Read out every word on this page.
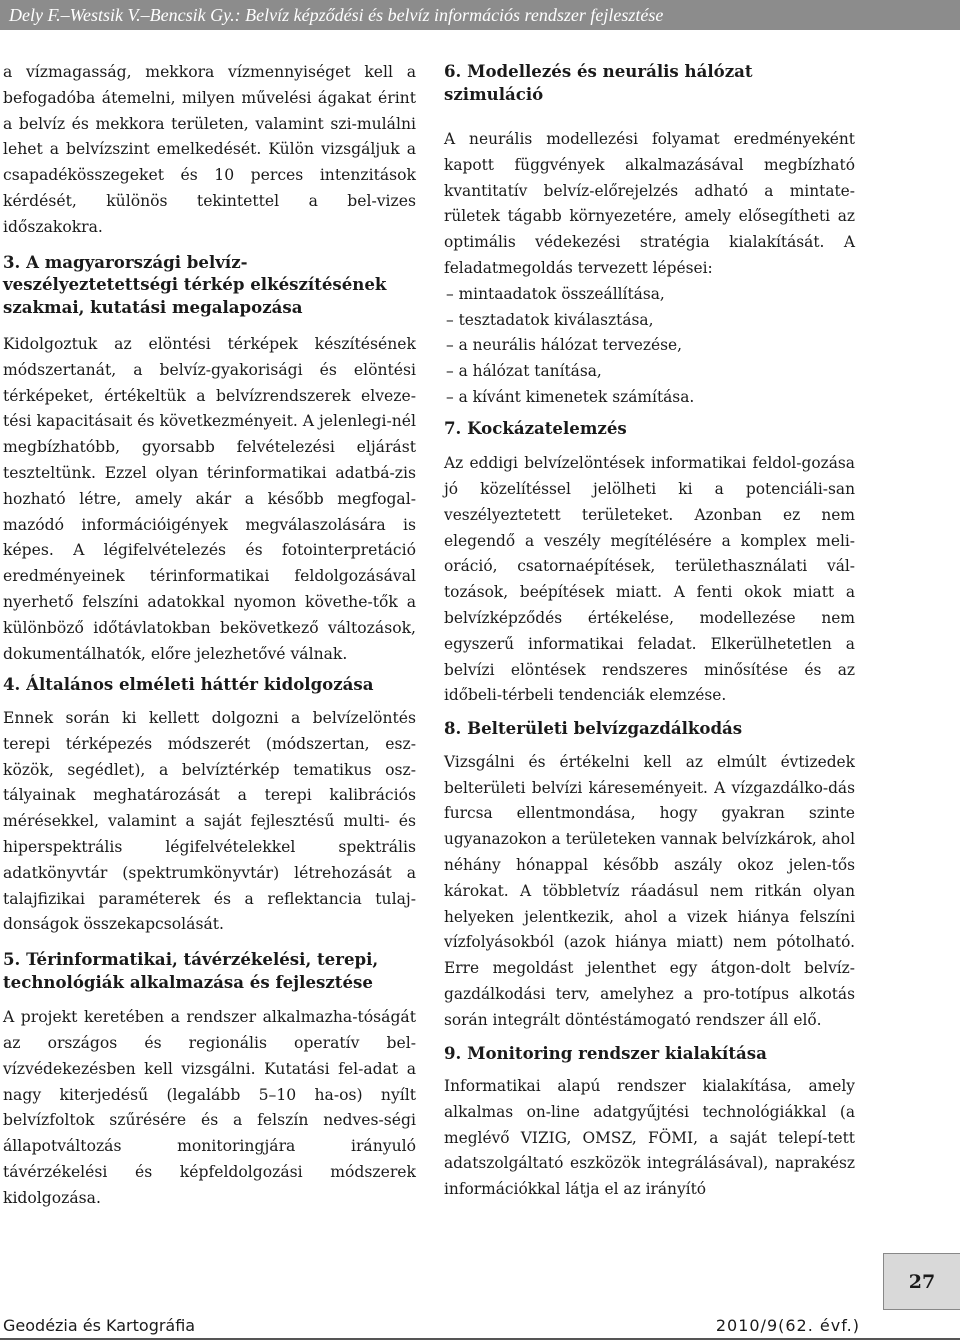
Dely F.–Westsik V.–Bencsik Gy.: Belvíz képződési és belvíz információs rendszer fejlesztése

a vízmagasság, mekkora vízmennyiséget kell a befogadóba átemelni, milyen művelési ágakat érint a belvíz és mekkora területen, valamint szi-mulálni lehet a belvízszint emelkedését. Külön vizsgáljuk a csapadékösszegeket és 10 perces intenzitások kérdését, különös tekintettel a bel-vizes időszakokra.

3. A magyarországi belvíz-veszélyeztetettségi térkép elkészítésének szakmai, kutatási megalapozása

Kidolgoztuk az elöntési térképek készítésének módszertanát, a belvíz-gyakorisági és elöntési térképeket, értékeltük a belvízrendszerek elveze-tési kapacitásait és következményeit. A jelenlegi-nél megbízhatóbb, gyorsabb felvételezési eljárást teszteltünk. Ezzel olyan térinformatikai adatbá-zis hozható létre, amely akár a később megfogal-mazódó információigények megválaszolására is képes. A légifelvételezés és fotointerpretáció eredményeinek térinformatikai feldolgozásával nyerhető felszíni adatokkal nyomon követhe-tők a különböző időtávlatokban bekövetkező változások, dokumentálhatók, előre jelezhetővé válnak.

4. Általános elméleti háttér kidolgozása

Ennek során ki kellett dolgozni a belvízelöntés terepi térképezés módszerét (módszertan, esz-közök, segédlet), a belvíztérkép tematikus osz-tályainak meghatározását a terepi kalibrációs mérésekkel, valamint a saját fejlesztésű multi- és hiperspektrális légifelvételekkel spektrális adatkönyvtár (spektrumkönyvtár) létrehozását a talajfizikai paraméterek és a reflektancia tulaj-donságok összekapcsolását.

5. Térinformatikai, távérzékelési, terepi, technológiák alkalmazása és fejlesztése

A projekt keretében a rendszer alkalmazha-tóságát az országos és regionális operatív bel-vízvédekezésben kell vizsgálni. Kutatási fel-adat a nagy kiterjedésű (legalább 5–10 ha-os) nyílt belvízfoltok szűrésére és a felszín nedves-ségi állapotváltozás monitoringjára irányuló távérzékelési és képfeldolgozási módszerek kidolgozása.

6. Modellezés és neurális hálózat szimuláció

A neurális modellezési folyamat eredményeként kapott függvények alkalmazásával megbízható kvantitatív belvíz-előrejelzés adható a mintate-rületek tágabb környezetére, amely elősegítheti az optimális védekezési stratégia kialakítását. A feladatmegoldás tervezett lépései:

– mintaadatok összeállítása,
– tesztadatok kiválasztása,
– a neurális hálózat tervezése,
– a hálózat tanítása,
– a kívánt kimenetek számítása.
7. Kockázatelemzés

Az eddigi belvízelöntések informatikai feldol-gozása jó közelítéssel jelölheti ki a potenciáli-san veszélyeztetett területeket. Azonban ez nem elegendő a veszély megítélésére a komplex meli-oráció, csatornaépítések, területhasználati vál-tozások, beépítések miatt. A fenti okok miatt a belvízképződés értékelése, modellezése nem egyszerű informatikai feladat. Elkerülhetetlen a belvízi elöntések rendszeres minősítése és az időbeli-térbeli tendenciák elemzése.

8. Belterületi belvízgazdálkodás

Vizsgálni és értékelni kell az elmúlt évtizedek belterületi belvízi káreseményeit. A vízgazdálko-dás furcsa ellentmondása, hogy gyakran szinte ugyanazokon a területeken vannak belvízkárok, ahol néhány hónappal később aszály okoz jelen-tős károkat. A többletvíz ráadásul nem ritkán olyan helyeken jelentkezik, ahol a vizek hiánya felszíni vízfolyásokból (azok hiánya miatt) nem pótolható. Erre megoldást jelenthet egy átgon-dolt belvíz-gazdálkodási terv, amelyhez a pro-totípus alkotás során integrált döntéstámogató rendszer áll elő.

9. Monitoring rendszer kialakítása

Informatikai alapú rendszer kialakítása, amely alkalmas on-line adatgyűjtési technológiákkal (a meglévő VIZIG, OMSZ, FÖMI, a saját telepí-tett adatszolgáltató eszközök integrálásával), naprakész információkkal látja el az irányító

27
Geodézia és Kartográfia	2010/9(62. évf.)
